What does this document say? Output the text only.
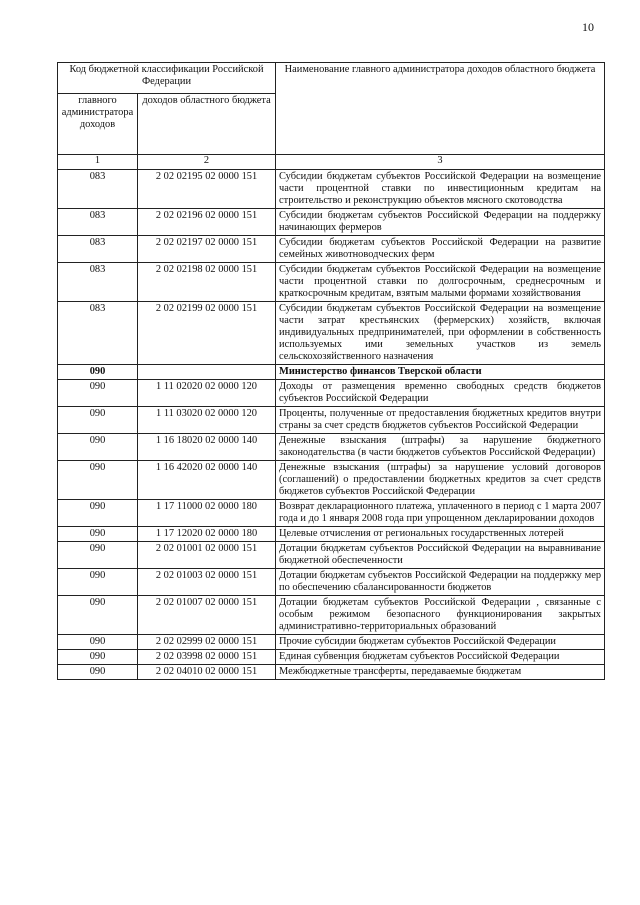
10
Код бюджетной классификации Российской Федерации		Наименование главного администратора доходов областного бюджета
главного администратора доходов	доходов областного бюджета	
1	2	3
083	2 02 02195 02 0000 151	Субсидии бюджетам субъектов Российской Федерации на возмещение части процентной ставки по инвестиционным кредитам на строительство и реконструкцию объектов мясного скотоводства
083	2 02 02196 02 0000 151	Субсидии бюджетам субъектов Российской Федерации на поддержку начинающих фермеров
083	2 02 02197 02 0000 151	Субсидии бюджетам субъектов Российской Федерации на развитие семейных животноводческих ферм
083	2 02 02198 02 0000 151	Субсидии бюджетам субъектов Российской Федерации на возмещение части процентной ставки по долгосрочным, среднесрочным и краткосрочным кредитам, взятым малыми формами хозяйствования
083	2 02 02199 02 0000 151	Субсидии бюджетам субъектов Российской Федерации на возмещение части затрат крестьянских (фермерских) хозяйств, включая индивидуальных предпринимателей, при оформлении в собственность используемых ими земельных участков из земель сельскохозяйственного назначения
090		Министерство финансов Тверской области
090	1 11 02020 02 0000 120	Доходы от размещения временно свободных средств бюджетов субъектов Российской Федерации
090	1 11 03020 02 0000 120	Проценты, полученные от предоставления бюджетных кредитов внутри страны за счет средств бюджетов субъектов Российской Федерации
090	1 16 18020 02 0000 140	Денежные взыскания (штрафы) за нарушение бюджетного законодательства (в части бюджетов субъектов Российской Федерации)
090	1 16 42020 02 0000 140	Денежные взыскания (штрафы) за нарушение условий договоров (соглашений) о предоставлении бюджетных кредитов за счет средств бюджетов субъектов Российской Федерации
090	1 17 11000 02 0000 180	Возврат декларационного платежа, уплаченного в период с 1 марта 2007 года и до 1 января 2008 года при упрощенном декларировании доходов
090	1 17 12020 02 0000 180	Целевые отчисления от региональных государственных лотерей
090	2 02 01001 02 0000 151	Дотации бюджетам субъектов Российской Федерации на выравнивание бюджетной обеспеченности
090	2 02 01003 02 0000 151	Дотации бюджетам субъектов Российской Федерации на поддержку мер по обеспечению сбалансированности бюджетов
090	2 02 01007 02 0000 151	Дотации бюджетам субъектов Российской Федерации , связанные с особым режимом безопасного функционирования закрытых административно-территориальных образований
090	2 02 02999 02 0000 151	Прочие субсидии бюджетам субъектов Российской Федерации
090	2 02 03998 02 0000 151	Единая субвенция бюджетам субъектов Российской Федерации
090	2 02 04010 02 0000 151	Межбюджетные трансферты, передаваемые бюджетам
